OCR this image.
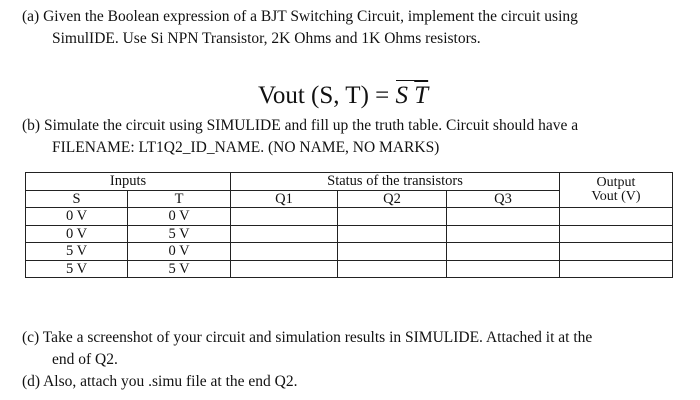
(a) Given the Boolean expression of a BJT Switching Circuit, implement the circuit using
SimulIDE. Use Si NPN Transistor, 2K Ohms and 1K Ohms resistors.
Vout (S, T) = S $\overline{T}$
(b) Simulate the circuit using SIMULIDE and fill up the truth table. Circuit should have a
FILENAME: LT1Q2_ID_NAME. (NO NAME, NO MARKS)
Inputs		Status of the transistors			Output
Vout (V)
S	T	Q1	Q2	Q3	
0 V	0 V				
0 V	5 V				
5 V	0 V				
5 V	5 V				
(c) Take a screenshot of your circuit and simulation results in SIMULIDE. Attached it at the
end of Q2.
(d) Also, attach you .simu file at the end Q2.
